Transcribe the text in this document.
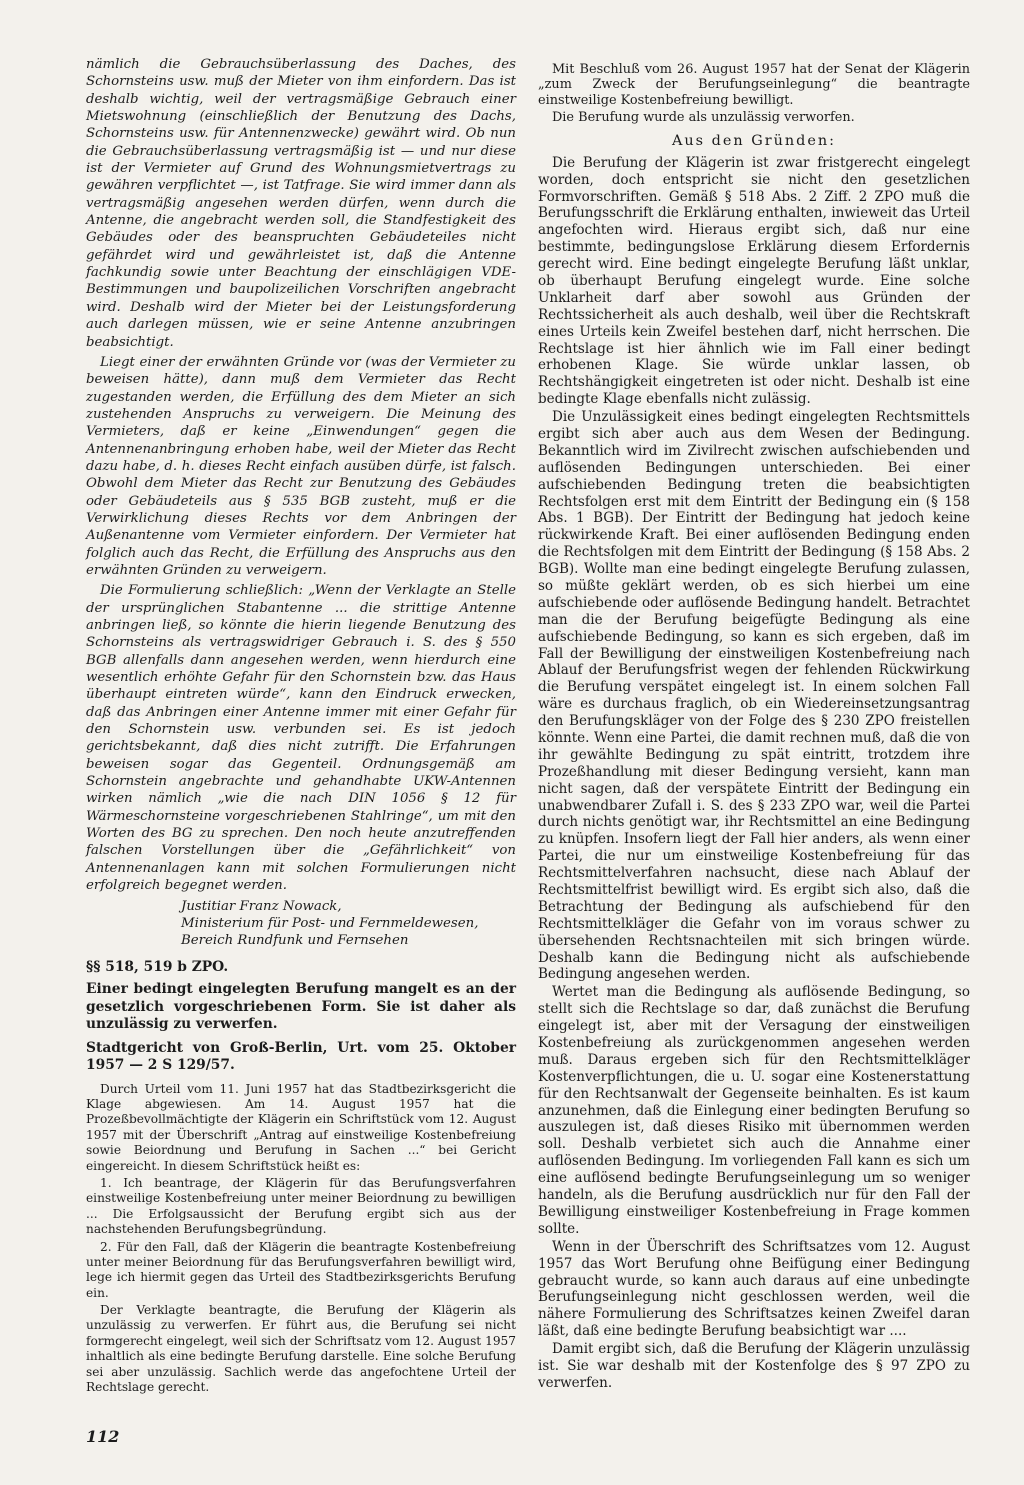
nämlich die Gebrauchsüberlassung des Daches, des Schornsteins usw. muß der Mieter von ihm einfordern. Das ist deshalb wichtig, weil der vertragsmäßige Gebrauch einer Mietswohnung (einschließlich der Benutzung des Dachs, Schornsteins usw. für Antennenzwecke) gewährt wird. Ob nun die Gebrauchsüberlassung vertragsmäßig ist — und nur diese ist der Vermieter auf Grund des Wohnungsmietvertrags zu gewähren verpflichtet —, ist Tatfrage. Sie wird immer dann als vertragsmäßig angesehen werden dürfen, wenn durch die Antenne, die angebracht werden soll, die Standfestigkeit des Gebäudes oder des beanspruchten Gebäudeteiles nicht gefährdet wird und gewährleistet ist, daß die Antenne fachkundig sowie unter Beachtung der einschlägigen VDE-Bestimmungen und baupolizeilichen Vorschriften angebracht wird. Deshalb wird der Mieter bei der Leistungsforderung auch darlegen müssen, wie er seine Antenne anzubringen beabsichtigt.

Liegt einer der erwähnten Gründe vor (was der Vermieter zu beweisen hätte), dann muß dem Vermieter das Recht zugestanden werden, die Erfüllung des dem Mieter an sich zustehenden Anspruchs zu verweigern. Die Meinung des Vermieters, daß er keine „Einwendungen“ gegen die Antennenanbringung erhoben habe, weil der Mieter das Recht dazu habe, d. h. dieses Recht einfach ausüben dürfe, ist falsch. Obwohl dem Mieter das Recht zur Benutzung des Gebäudes oder Gebäudeteils aus § 535 BGB zusteht, muß er die Verwirklichung dieses Rechts vor dem Anbringen der Außenantenne vom Vermieter einfordern. Der Vermieter hat folglich auch das Recht, die Erfüllung des Anspruchs aus den erwähnten Gründen zu verweigern.

Die Formulierung schließlich: „Wenn der Verklagte an Stelle der ursprünglichen Stabantenne ... die strittige Antenne anbringen ließ, so könnte die hierin liegende Benutzung des Schornsteins als vertragswidriger Gebrauch i. S. des § 550 BGB allenfalls dann angesehen werden, wenn hierdurch eine wesentlich erhöhte Gefahr für den Schornstein bzw. das Haus überhaupt eintreten würde“, kann den Eindruck erwecken, daß das Anbringen einer Antenne immer mit einer Gefahr für den Schornstein usw. verbunden sei. Es ist jedoch gerichtsbekannt, daß dies nicht zutrifft. Die Erfahrungen beweisen sogar das Gegenteil. Ordnungsgemäß am Schornstein angebrachte und gehandhabte UKW-Antennen wirken nämlich „wie die nach DIN 1056 § 12 für Wärmeschornsteine vorgeschriebenen Stahlringe“, um mit den Worten des BG zu sprechen. Den noch heute anzutreffenden falschen Vorstellungen über die „Gefährlichkeit“ von Antennenanlagen kann mit solchen Formulierungen nicht erfolgreich begegnet werden.

Justitiar Franz Nowack,
Ministerium für Post- und Fernmeldewesen,
Bereich Rundfunk und Fernsehen
§§ 518, 519 b ZPO.
Einer bedingt eingelegten Berufung mangelt es an der gesetzlich vorgeschriebenen Form. Sie ist daher als unzulässig zu verwerfen.
Stadtgericht von Groß-Berlin, Urt. vom 25. Oktober 1957 — 2 S 129/57.

Durch Urteil vom 11. Juni 1957 hat das Stadtbezirksgericht die Klage abgewiesen. Am 14. August 1957 hat die Prozeßbevollmächtigte der Klägerin ein Schriftstück vom 12. August 1957 mit der Überschrift „Antrag auf einstweilige Kostenbefreiung sowie Beiordnung und Berufung in Sachen ...“ bei Gericht eingereicht. In diesem Schriftstück heißt es:

1. Ich beantrage, der Klägerin für das Berufungsverfahren einstweilige Kostenbefreiung unter meiner Beiordnung zu bewilligen ... Die Erfolgsaussicht der Berufung ergibt sich aus der nachstehenden Berufungsbegründung.

2. Für den Fall, daß der Klägerin die beantragte Kostenbefreiung unter meiner Beiordnung für das Berufungsverfahren bewilligt wird, lege ich hiermit gegen das Urteil des Stadtbezirksgerichts Berufung ein.

Der Verklagte beantragte, die Berufung der Klägerin als unzulässig zu verwerfen. Er führt aus, die Berufung sei nicht formgerecht eingelegt, weil sich der Schriftsatz vom 12. August 1957 inhaltlich als eine bedingte Berufung darstelle. Eine solche Berufung sei aber unzulässig. Sachlich werde das angefochtene Urteil der Rechtslage gerecht.

Mit Beschluß vom 26. August 1957 hat der Senat der Klägerin „zum Zweck der Berufungseinlegung“ die beantragte einstweilige Kostenbefreiung bewilligt.

Die Berufung wurde als unzulässig verworfen.

Aus den Gründen:

Die Berufung der Klägerin ist zwar fristgerecht eingelegt worden, doch entspricht sie nicht den gesetzlichen Formvorschriften. Gemäß § 518 Abs. 2 Ziff. 2 ZPO muß die Berufungsschrift die Erklärung enthalten, inwieweit das Urteil angefochten wird. Hieraus ergibt sich, daß nur eine bestimmte, bedingungslose Erklärung diesem Erfordernis gerecht wird. Eine bedingt eingelegte Berufung läßt unklar, ob überhaupt Berufung eingelegt wurde. Eine solche Unklarheit darf aber sowohl aus Gründen der Rechtssicherheit als auch deshalb, weil über die Rechtskraft eines Urteils kein Zweifel bestehen darf, nicht herrschen. Die Rechtslage ist hier ähnlich wie im Fall einer bedingt erhobenen Klage. Sie würde unklar lassen, ob Rechtshängigkeit eingetreten ist oder nicht. Deshalb ist eine bedingte Klage ebenfalls nicht zulässig.

Die Unzulässigkeit eines bedingt eingelegten Rechtsmittels ergibt sich aber auch aus dem Wesen der Bedingung. Bekanntlich wird im Zivilrecht zwischen aufschiebenden und auflösenden Bedingungen unterschieden. Bei einer aufschiebenden Bedingung treten die beabsichtigten Rechtsfolgen erst mit dem Eintritt der Bedingung ein (§ 158 Abs. 1 BGB). Der Eintritt der Bedingung hat jedoch keine rückwirkende Kraft. Bei einer auflösenden Bedingung enden die Rechtsfolgen mit dem Eintritt der Bedingung (§ 158 Abs. 2 BGB). Wollte man eine bedingt eingelegte Berufung zulassen, so müßte geklärt werden, ob es sich hierbei um eine aufschiebende oder auflösende Bedingung handelt. Betrachtet man die der Berufung beigefügte Bedingung als eine aufschiebende Bedingung, so kann es sich ergeben, daß im Fall der Bewilligung der einstweiligen Kostenbefreiung nach Ablauf der Berufungsfrist wegen der fehlenden Rückwirkung die Berufung verspätet eingelegt ist. In einem solchen Fall wäre es durchaus fraglich, ob ein Wiedereinsetzungsantrag den Berufungskläger von der Folge des § 230 ZPO freistellen könnte. Wenn eine Partei, die damit rechnen muß, daß die von ihr gewählte Bedingung zu spät eintritt, trotzdem ihre Prozeßhandlung mit dieser Bedingung versieht, kann man nicht sagen, daß der verspätete Eintritt der Bedingung ein unabwendbarer Zufall i. S. des § 233 ZPO war, weil die Partei durch nichts genötigt war, ihr Rechtsmittel an eine Bedingung zu knüpfen. Insofern liegt der Fall hier anders, als wenn einer Partei, die nur um einstweilige Kostenbefreiung für das Rechtsmittelverfahren nachsucht, diese nach Ablauf der Rechtsmittelfrist bewilligt wird. Es ergibt sich also, daß die Betrachtung der Bedingung als aufschiebend für den Rechtsmittelkläger die Gefahr von im voraus schwer zu übersehenden Rechtsnachteilen mit sich bringen würde. Deshalb kann die Bedingung nicht als aufschiebende Bedingung angesehen werden.

Wertet man die Bedingung als auflösende Bedingung, so stellt sich die Rechtslage so dar, daß zunächst die Berufung eingelegt ist, aber mit der Versagung der einstweiligen Kostenbefreiung als zurückgenommen angesehen werden muß. Daraus ergeben sich für den Rechtsmittelkläger Kostenverpflichtungen, die u. U. sogar eine Kostenerstattung für den Rechtsanwalt der Gegenseite beinhalten. Es ist kaum anzunehmen, daß die Einlegung einer bedingten Berufung so auszulegen ist, daß dieses Risiko mit übernommen werden soll. Deshalb verbietet sich auch die Annahme einer auflösenden Bedingung. Im vorliegenden Fall kann es sich um eine auflösend bedingte Berufungseinlegung um so weniger handeln, als die Berufung ausdrücklich nur für den Fall der Bewilligung einstweiliger Kostenbefreiung in Frage kommen sollte.

Wenn in der Überschrift des Schriftsatzes vom 12. August 1957 das Wort Berufung ohne Beifügung einer Bedingung gebraucht wurde, so kann auch daraus auf eine unbedingte Berufungseinlegung nicht geschlossen werden, weil die nähere Formulierung des Schriftsatzes keinen Zweifel daran läßt, daß eine bedingte Berufung beabsichtigt war ....

Damit ergibt sich, daß die Berufung der Klägerin unzulässig ist. Sie war deshalb mit der Kostenfolge des § 97 ZPO zu verwerfen.

112
